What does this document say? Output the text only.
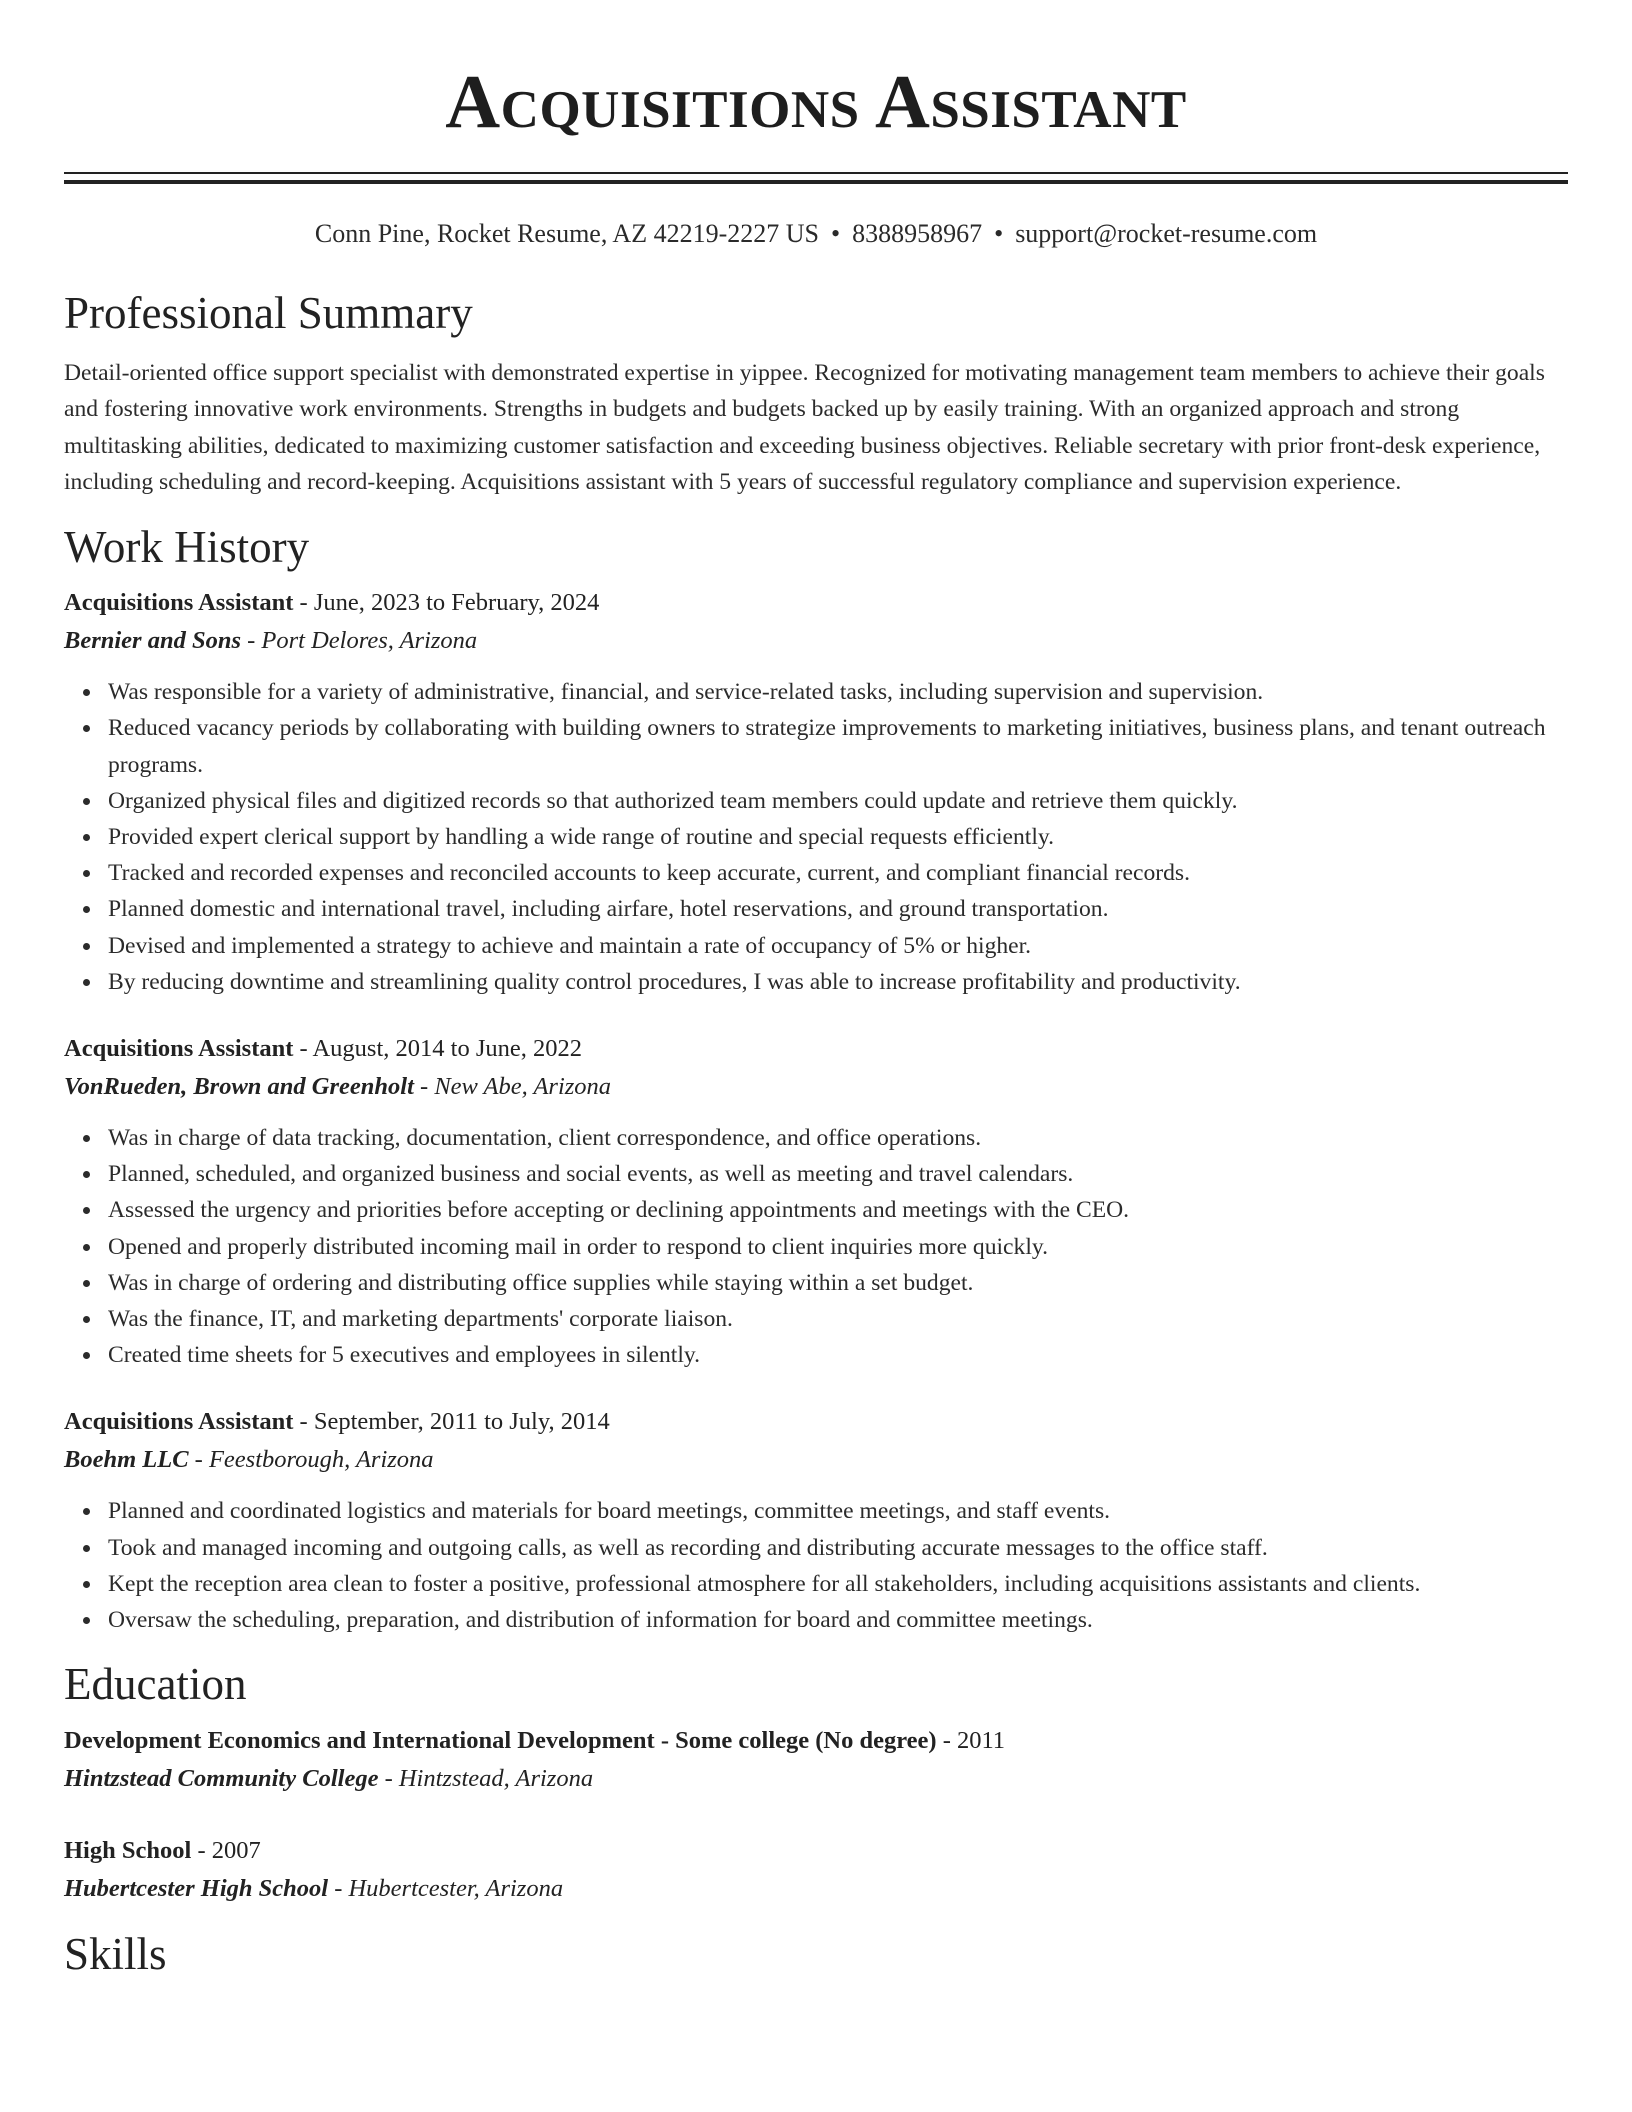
Acquisitions Assistant
Conn Pine, Rocket Resume, AZ 42219-2227 US • 8388958967 • support@rocket-resume.com
Professional Summary

Detail-oriented office support specialist with demonstrated expertise in yippee. Recognized for motivating management team members to achieve their goals and fostering innovative work environments. Strengths in budgets and budgets backed up by easily training. With an organized approach and strong multitasking abilities, dedicated to maximizing customer satisfaction and exceeding business objectives. Reliable secretary with prior front-desk experience, including scheduling and record-keeping. Acquisitions assistant with 5 years of successful regulatory compliance and supervision experience.

Work History
Acquisitions Assistant - June, 2023 to February, 2024
Bernier and Sons - Port Delores, Arizona
Was responsible for a variety of administrative, financial, and service-related tasks, including supervision and supervision.
Reduced vacancy periods by collaborating with building owners to strategize improvements to marketing initiatives, business plans, and tenant outreach programs.
Organized physical files and digitized records so that authorized team members could update and retrieve them quickly.
Provided expert clerical support by handling a wide range of routine and special requests efficiently.
Tracked and recorded expenses and reconciled accounts to keep accurate, current, and compliant financial records.
Planned domestic and international travel, including airfare, hotel reservations, and ground transportation.
Devised and implemented a strategy to achieve and maintain a rate of occupancy of 5% or higher.
By reducing downtime and streamlining quality control procedures, I was able to increase profitability and productivity.
Acquisitions Assistant - August, 2014 to June, 2022
VonRueden, Brown and Greenholt - New Abe, Arizona
Was in charge of data tracking, documentation, client correspondence, and office operations.
Planned, scheduled, and organized business and social events, as well as meeting and travel calendars.
Assessed the urgency and priorities before accepting or declining appointments and meetings with the CEO.
Opened and properly distributed incoming mail in order to respond to client inquiries more quickly.
Was in charge of ordering and distributing office supplies while staying within a set budget.
Was the finance, IT, and marketing departments' corporate liaison.
Created time sheets for 5 executives and employees in silently.
Acquisitions Assistant - September, 2011 to July, 2014
Boehm LLC - Feestborough, Arizona
Planned and coordinated logistics and materials for board meetings, committee meetings, and staff events.
Took and managed incoming and outgoing calls, as well as recording and distributing accurate messages to the office staff.
Kept the reception area clean to foster a positive, professional atmosphere for all stakeholders, including acquisitions assistants and clients.
Oversaw the scheduling, preparation, and distribution of information for board and committee meetings.
Education
Development Economics and International Development - Some college (No degree) - 2011
Hintzstead Community College - Hintzstead, Arizona
High School - 2007
Hubertcester High School - Hubertcester, Arizona
Skills
